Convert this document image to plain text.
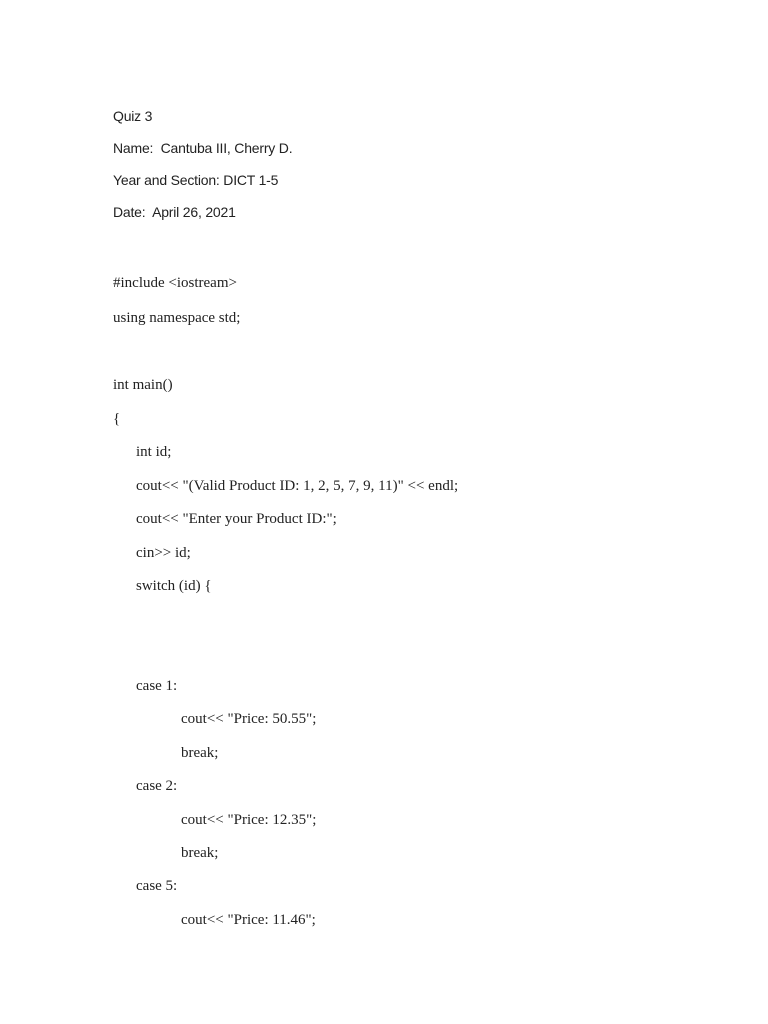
Quiz 3
Name:  Cantuba III, Cherry D.
Year and Section: DICT 1-5
Date:  April 26, 2021
#include <iostream>
using namespace std;
int main()
{
int id;
cout<< "(Valid Product ID: 1, 2, 5, 7, 9, 11)" << endl;
cout<< "Enter your Product ID:";
cin>> id;
switch (id) {
case 1:
cout<< "Price: 50.55";
break;
case 2:
cout<< "Price: 12.35";
break;
case 5:
cout<< "Price: 11.46";
